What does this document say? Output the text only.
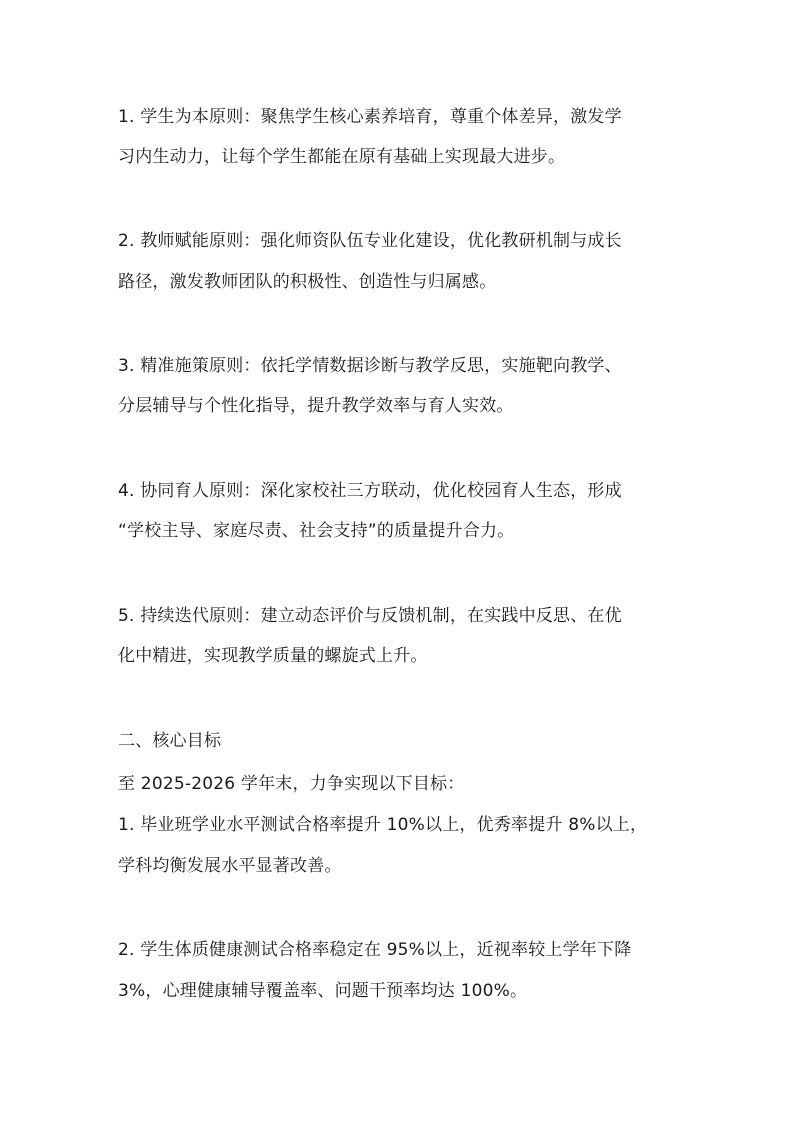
1. 学生为本原则：聚焦学生核心素养培育，尊重个体差异，激发学

习内生动力，让每个学生都能在原有基础上实现最大进步。

2. 教师赋能原则：强化师资队伍专业化建设，优化教研机制与成长

路径，激发教师团队的积极性、创造性与归属感。

3. 精准施策原则：依托学情数据诊断与教学反思，实施靶向教学、

分层辅导与个性化指导，提升教学效率与育人实效。

4. 协同育人原则：深化家校社三方联动，优化校园育人生态，形成

“学校主导、家庭尽责、社会支持”的质量提升合力。

5. 持续迭代原则：建立动态评价与反馈机制，在实践中反思、在优

化中精进，实现教学质量的螺旋式上升。

二、核心目标

至 2025-2026 学年末，力争实现以下目标：

1. 毕业班学业水平测试合格率提升 10%以上，优秀率提升 8%以上，

学科均衡发展水平显著改善。

2. 学生体质健康测试合格率稳定在 95%以上，近视率较上学年下降

3%，心理健康辅导覆盖率、问题干预率均达 100%。
